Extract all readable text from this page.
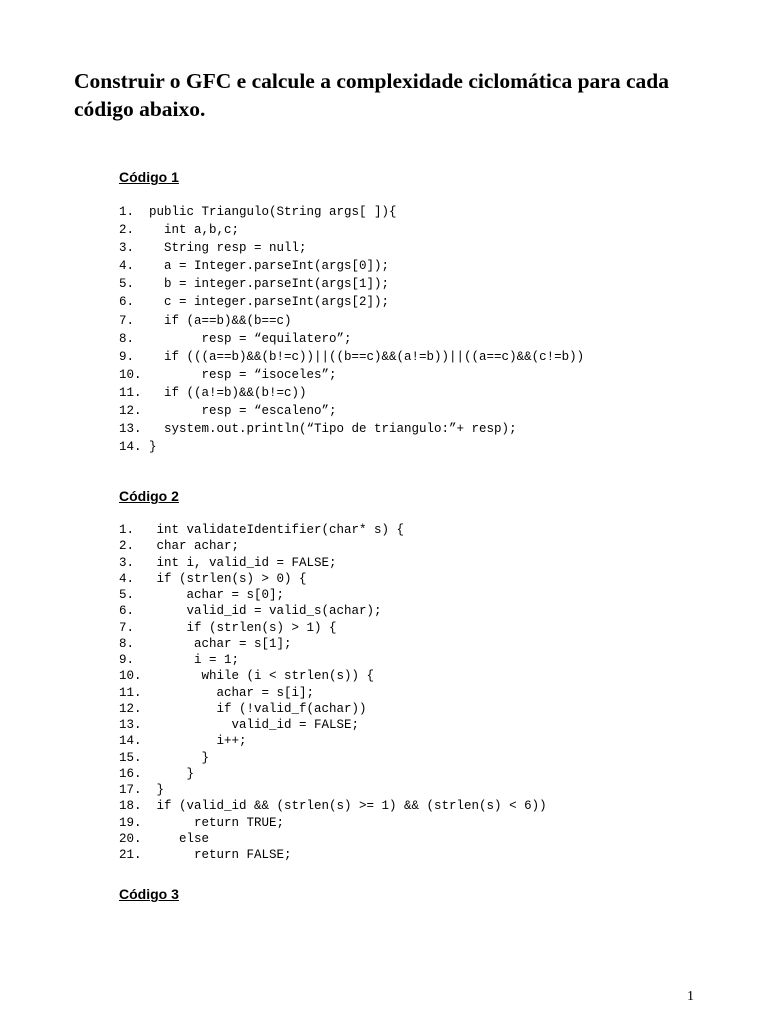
Construir o GFC e calcule a complexidade ciclomática para cada código abaixo.
Código 1
1.  public Triangulo(String args[ ]){
2.    int a,b,c;
3.    String resp = null;
4.    a = Integer.parseInt(args[0]);
5.    b = integer.parseInt(args[1]);
6.    c = integer.parseInt(args[2]);
7.    if (a==b)&&(b==c)
8.         resp = “equilatero”;
9.    if (((a==b)&&(b!=c))||((b==c)&&(a!=b))||((a==c)&&(c!=b))
10.        resp = “isoceles”;
11.   if ((a!=b)&&(b!=c))
12.        resp = “escaleno”;
13.   system.out.println(“Tipo de triangulo:”+ resp);
14. }
Código 2
1.   int validateIdentifier(char* s) {
2.   char achar;
3.   int i, valid_id = FALSE;
4.   if (strlen(s) > 0) {
5.       achar = s[0];
6.       valid_id = valid_s(achar);
7.       if (strlen(s) > 1) {
8.        achar = s[1];
9.        i = 1;
10.        while (i < strlen(s)) {
11.          achar = s[i];
12.          if (!valid_f(achar))
13.            valid_id = FALSE;
14.          i++;
15.        }
16.      }
17.  }
18.  if (valid_id && (strlen(s) >= 1) && (strlen(s) < 6))
19.       return TRUE;
20.     else
21.       return FALSE;
Código 3
1
